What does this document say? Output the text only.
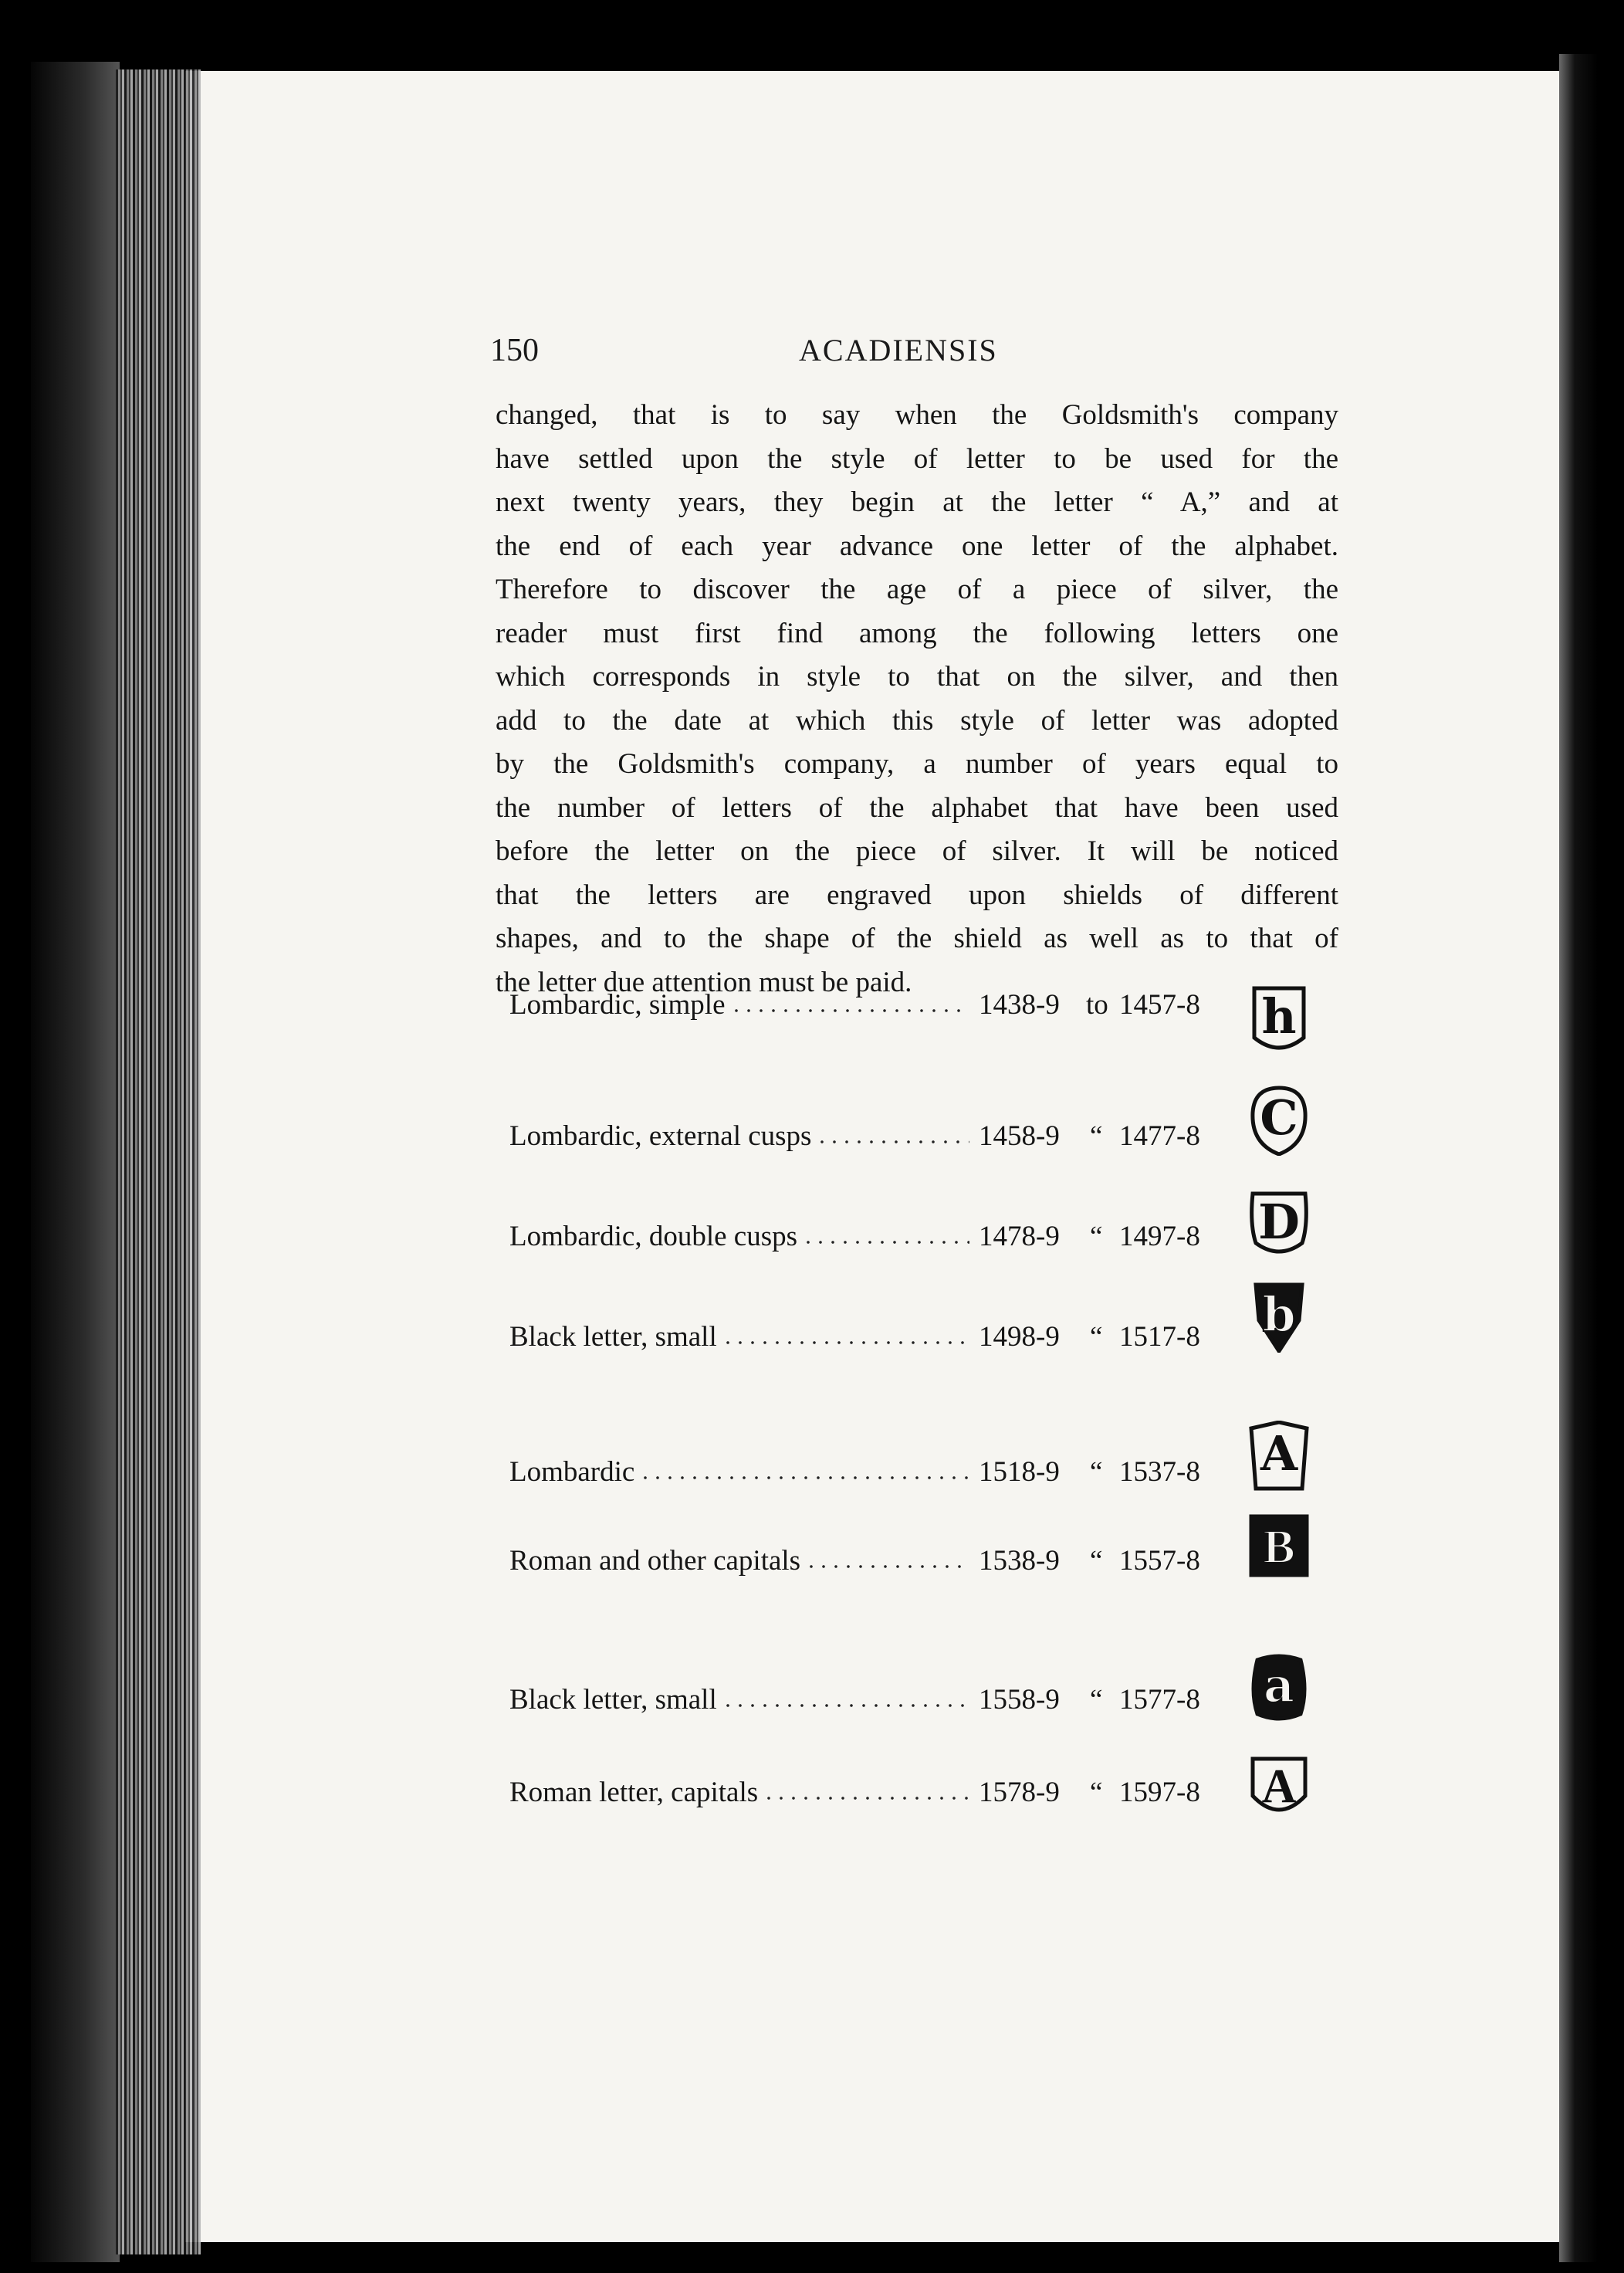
150	ACADIENSIS
changed, that is to say when the Goldsmith's company
have settled upon the style of letter to be used for the
next twenty years, they begin at the letter “ A,” and at
the end of each year advance one letter of the alphabet.
Therefore to discover the age of a piece of silver, the
reader must first find among the following letters one
which corresponds in style to that on the silver, and then
add to the date at which this style of letter was adopted
by the Goldsmith's company, a number of years equal to
the number of letters of the alphabet that have been used
before the letter on the piece of silver. It will be noticed
that the letters are engraved upon shields of different
shapes, and to the shape of the shield as well as to that of
the letter due attention must be paid.
Lombardic, simple	1438-9 to 1457-8
Lombardic, external cusps	1458-9 “ 1477-8
Lombardic, double cusps	1478-9 “ 1497-8
Black letter, small	1498-9 “ 1517-8
Lombardic	1518-9 “ 1537-8
Roman and other capitals	1538-9 “ 1557-8
Black letter, small	1558-9 “ 1577-8
Roman letter, capitals	1578-9 “ 1597-8
h
C
D
b
A
B
a
A
